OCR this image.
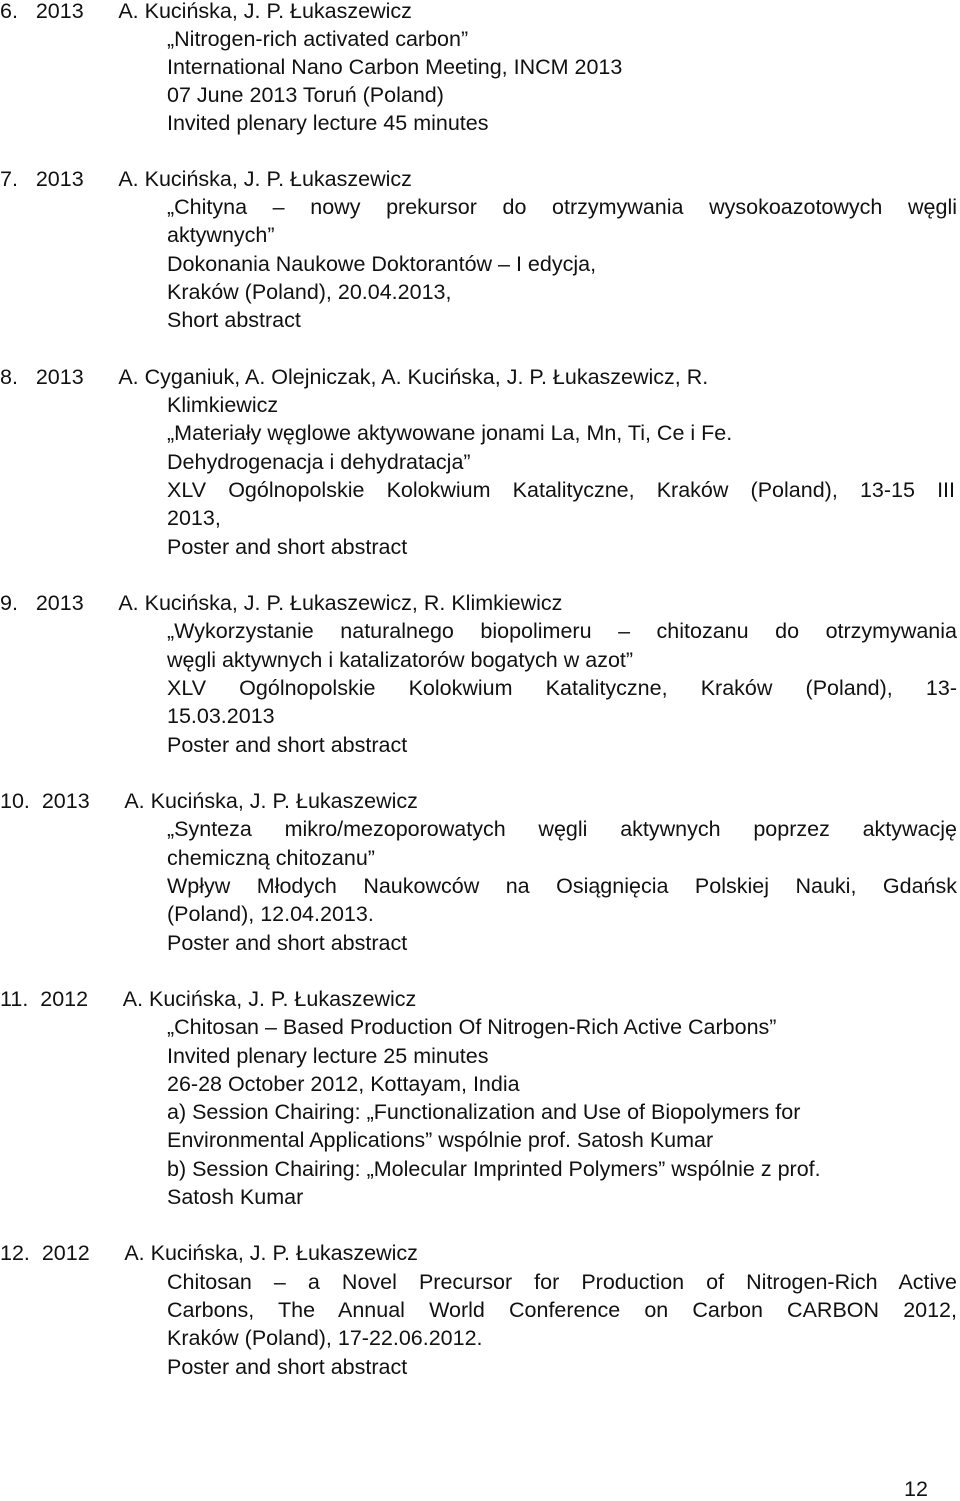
6.   2013      A. Kucińska, J. P. Łukaszewicz
„Nitrogen-rich activated carbon”
International Nano Carbon Meeting, INCM 2013
07 June 2013 Toruń (Poland)
Invited plenary lecture 45 minutes
7.   2013      A. Kucińska, J. P. Łukaszewicz
„Chityna – nowy prekursor do otrzymywania wysokoazotowych węgli
aktywnych”
Dokonania Naukowe Doktorantów – I edycja,
Kraków (Poland), 20.04.2013,
Short abstract
8.   2013      A. Cyganiuk, A. Olejniczak, A. Kucińska, J. P. Łukaszewicz, R.
Klimkiewicz
„Materiały węglowe aktywowane jonami La, Mn, Ti, Ce i Fe.
Dehydrogenacja i dehydratacja”
XLV Ogólnopolskie Kolokwium Katalityczne, Kraków (Poland), 13-15 III
2013,
Poster and short abstract
9.   2013      A. Kucińska, J. P. Łukaszewicz, R. Klimkiewicz
„Wykorzystanie naturalnego biopolimeru – chitozanu do otrzymywania
węgli aktywnych i katalizatorów bogatych w azot”
XLV Ogólnopolskie Kolokwium Katalityczne, Kraków (Poland), 13-
15.03.2013
Poster and short abstract
10.  2013      A. Kucińska, J. P. Łukaszewicz
„Synteza mikro/mezoporowatych węgli aktywnych poprzez aktywację
chemiczną chitozanu”
Wpływ Młodych Naukowców na Osiągnięcia Polskiej Nauki, Gdańsk
(Poland), 12.04.2013.
Poster and short abstract
11.  2012      A. Kucińska, J. P. Łukaszewicz
„Chitosan – Based Production Of Nitrogen-Rich Active Carbons”
Invited plenary lecture 25 minutes
26-28 October 2012, Kottayam, India
a) Session Chairing: „Functionalization and Use of Biopolymers for
Environmental Applications” wspólnie prof. Satosh Kumar
b) Session Chairing: „Molecular Imprinted Polymers” wspólnie z prof.
Satosh Kumar
12.  2012      A. Kucińska, J. P. Łukaszewicz
Chitosan – a Novel Precursor for Production of Nitrogen-Rich Active
Carbons, The Annual World Conference on Carbon CARBON 2012,
Kraków (Poland), 17-22.06.2012.
Poster and short abstract
12
